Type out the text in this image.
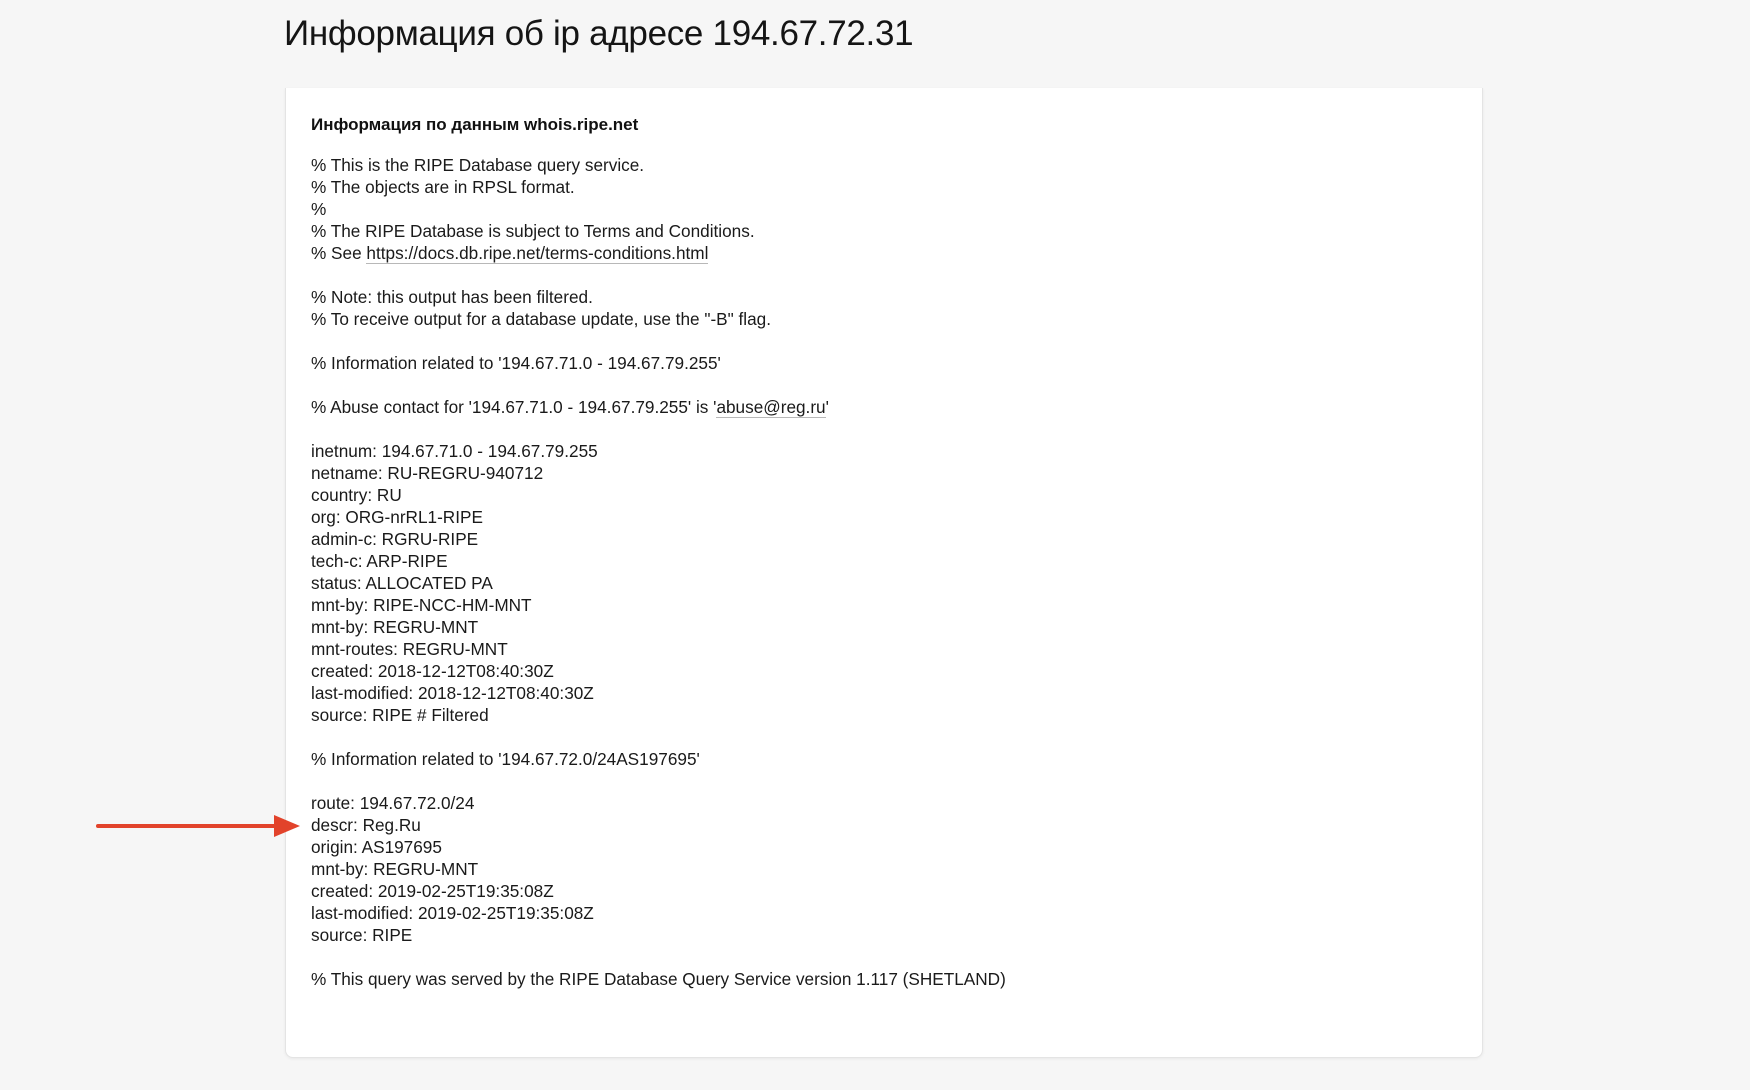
Информация об ip адресе 194.67.72.31
Информация по данным whois.ripe.net
% This is the RIPE Database query service.
% The objects are in RPSL format.
%
% The RIPE Database is subject to Terms and Conditions.
% See https://docs.db.ripe.net/terms-conditions.html
% Note: this output has been filtered.
% To receive output for a database update, use the "-B" flag.
% Information related to '194.67.71.0 - 194.67.79.255'
% Abuse contact for '194.67.71.0 - 194.67.79.255' is 'abuse@reg.ru'
inetnum: 194.67.71.0 - 194.67.79.255
netname: RU-REGRU-940712
country: RU
org: ORG-nrRL1-RIPE
admin-c: RGRU-RIPE
tech-c: ARP-RIPE
status: ALLOCATED PA
mnt-by: RIPE-NCC-HM-MNT
mnt-by: REGRU-MNT
mnt-routes: REGRU-MNT
created: 2018-12-12T08:40:30Z
last-modified: 2018-12-12T08:40:30Z
source: RIPE # Filtered
% Information related to '194.67.72.0/24AS197695'
route: 194.67.72.0/24
descr: Reg.Ru
origin: AS197695
mnt-by: REGRU-MNT
created: 2019-02-25T19:35:08Z
last-modified: 2019-02-25T19:35:08Z
source: RIPE
% This query was served by the RIPE Database Query Service version 1.117 (SHETLAND)
